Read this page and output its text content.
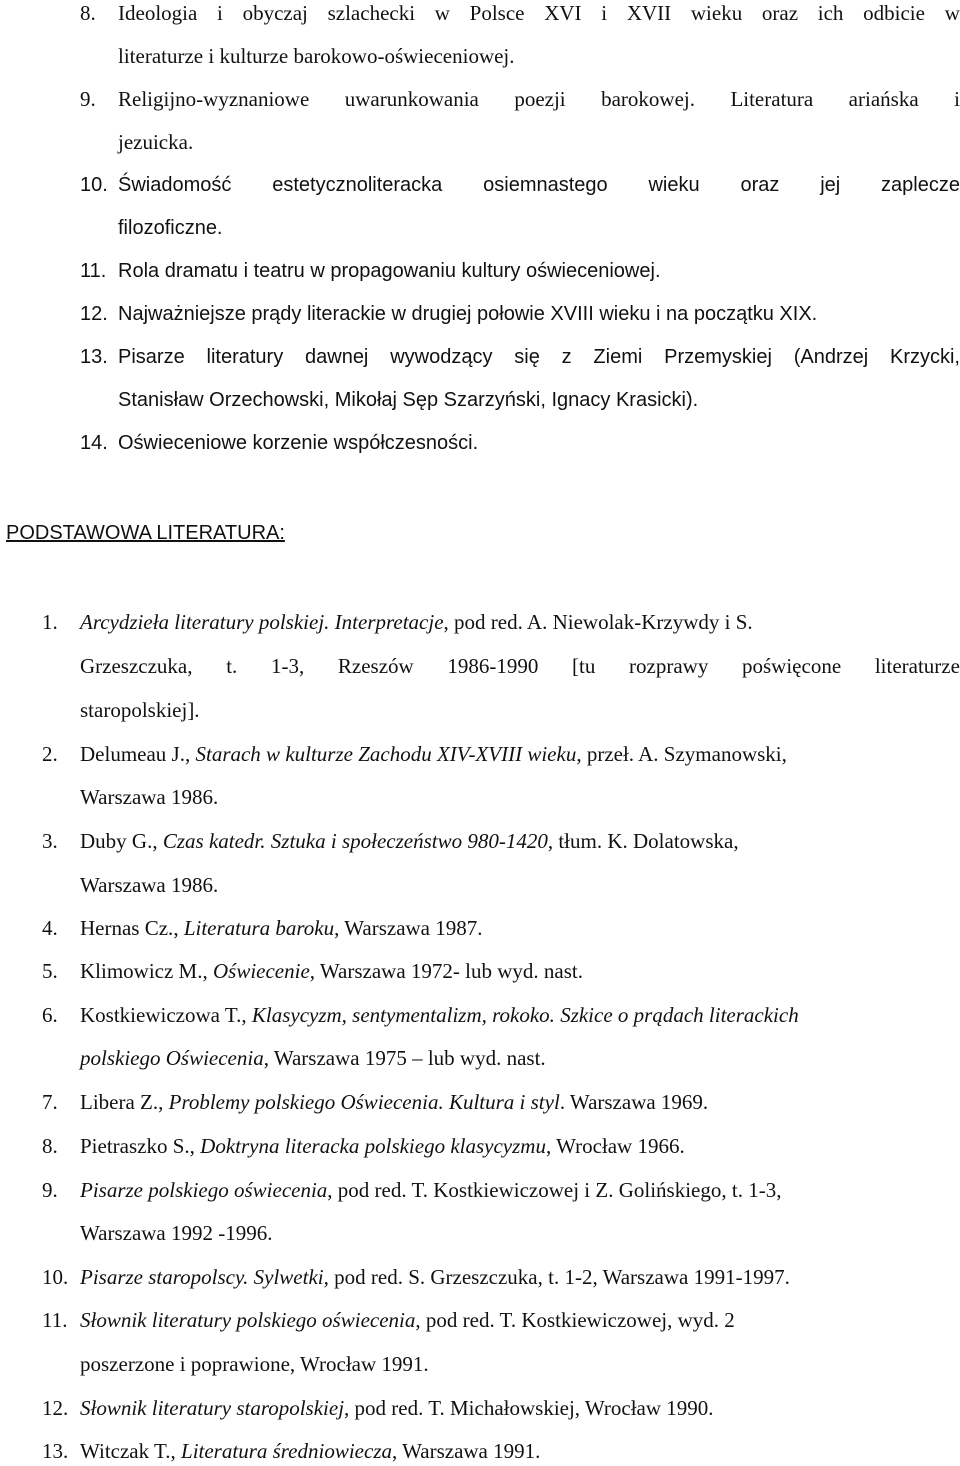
8. Ideologia i obyczaj szlachecki w Polsce XVI i XVII wieku oraz ich odbicie w
literaturze i kulturze barokowo-oświeceniowej.
9. Religijno-wyznaniowe uwarunkowania poezji barokowej. Literatura ariańska i
jezuicka.
10. Świadomość estetycznoliteracka osiemnastego wieku oraz jej zaplecze
filozoficzne.
11. Rola dramatu i teatru w propagowaniu kultury oświeceniowej.
12. Najważniejsze prądy literackie w drugiej połowie XVIII wieku i na początku XIX.
13. Pisarze literatury dawnej wywodzący się z Ziemi Przemyskiej (Andrzej Krzycki,
Stanisław Orzechowski, Mikołaj Sęp Szarzyński, Ignacy Krasicki).
14. Oświeceniowe korzenie współczesności.
PODSTAWOWA LITERATURA:
1. Arcydzieła literatury polskiej. Interpretacje, pod red. A. Niewolak-Krzywdy i S.
Grzeszczuka, t. 1-3, Rzeszów 1986-1990 [tu rozprawy poświęcone literaturze
staropolskiej].
2. Delumeau J., Starach w kulturze Zachodu XIV-XVIII wieku, przeł. A. Szymanowski,
Warszawa 1986.
3. Duby G., Czas katedr. Sztuka i społeczeństwo 980-1420, tłum. K. Dolatowska,
Warszawa 1986.
4. Hernas Cz., Literatura baroku, Warszawa 1987.
5. Klimowicz M., Oświecenie, Warszawa 1972- lub wyd. nast.
6. Kostkiewiczowa T., Klasycyzm, sentymentalizm, rokoko. Szkice o prądach literackich
polskiego Oświecenia, Warszawa 1975 – lub wyd. nast.
7. Libera Z., Problemy polskiego Oświecenia. Kultura i styl. Warszawa 1969.
8. Pietraszko S., Doktryna literacka polskiego klasycyzmu, Wrocław 1966.
9. Pisarze polskiego oświecenia, pod red. T. Kostkiewiczowej i Z. Golińskiego, t. 1-3,
Warszawa 1992 -1996.
10. Pisarze staropolscy. Sylwetki, pod red. S. Grzeszczuka, t. 1-2, Warszawa 1991-1997.
11. Słownik literatury polskiego oświecenia, pod red. T. Kostkiewiczowej, wyd. 2
poszerzone i poprawione, Wrocław 1991.
12. Słownik literatury staropolskiej, pod red. T. Michałowskiej, Wrocław 1990.
13. Witczak T., Literatura średniowiecza, Warszawa 1991.
